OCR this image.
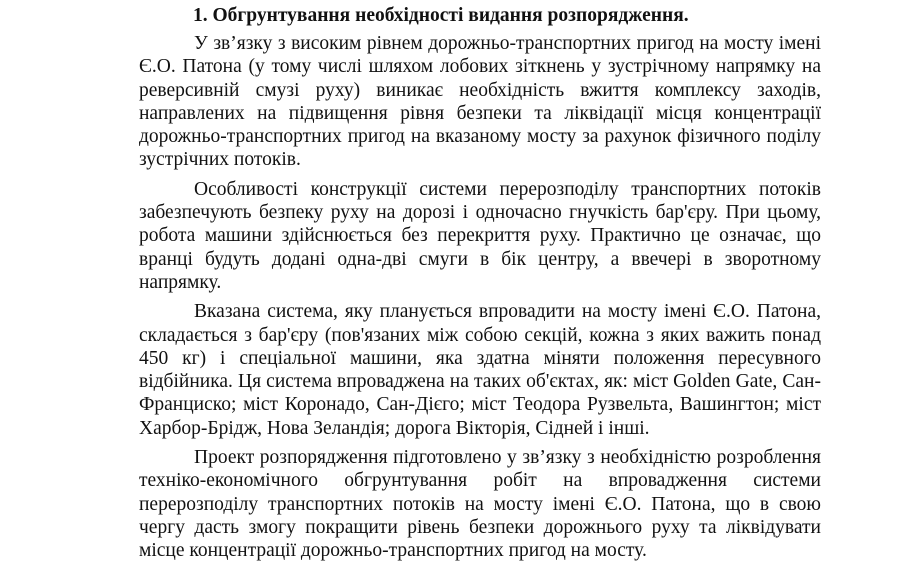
1. Обгрунтування необхідності видання розпорядження.

У зв’язку з високим рівнем дорожньо-транспортних пригод на мосту імені Є.О. Патона (у тому числі шляхом лобових зіткнень у зустрічному напрямку на реверсивній смузі руху) виникає необхідність вжиття комплексу заходів, направлених на підвищення рівня безпеки та ліквідації місця концентрації дорожньо-транспортних пригод на вказаному мосту за рахунок фізичного поділу зустрічних потоків.

Особливості конструкції системи перерозподілу транспортних потоків забезпечують безпеку руху на дорозі і одночасно гнучкість бар'єру. При цьому, робота машини здійснюється без перекриття руху. Практично це означає, що вранці будуть додані одна-дві смуги в бік центру, а ввечері в зворотному напрямку.

Вказана система, яку планується впровадити на мосту імені Є.О. Патона, складається з бар'єру (пов'язаних між собою секцій, кожна з яких важить понад 450 кг) і спеціальної машини, яка здатна міняти положення пересувного відбійника. Ця система впроваджена на таких об'єктах, як: міст Golden Gate, Сан-Франциско; міст Коронадо, Сан-Дієго; міст Теодора Рузвельта, Вашингтон; міст Харбор-Брідж, Нова Зеландія; дорога Вікторія, Сідней і інші.

Проект розпорядження підготовлено у зв’язку з необхідністю розроблення техніко-економічного обгрунтування робіт на впровадження системи перерозподілу транспортних потоків на мосту імені Є.О. Патона, що в свою чергу дасть змогу покращити рівень безпеки дорожнього руху та ліквідувати місце концентрації дорожньо-транспортних пригод на мосту.
